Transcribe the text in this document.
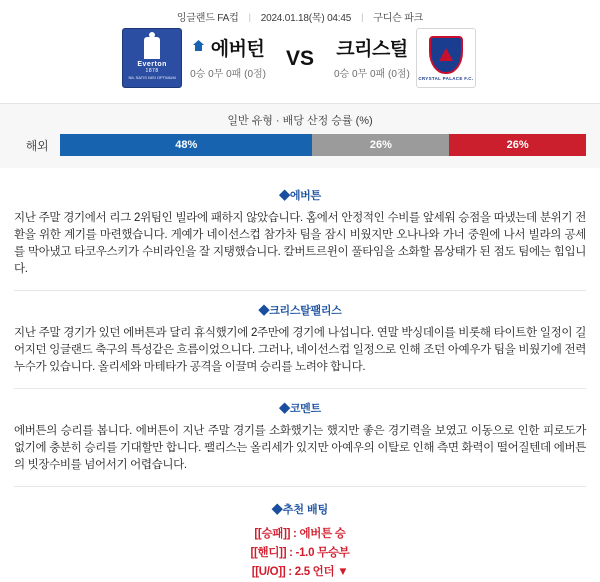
잉글랜드 FA컵 | 2024.01.18(목) 04:45 | 구디슨 파크
Everton
1878
NIL SATIS NISI OPTIMUM
에버턴
0승 0무 0패 (0점)
VS	크리스털
0승 0무 0패 (0점) CRYSTAL PALACE F.C.
일반 유형 · 배당 산정 승률 (%)
해외	48%	26%	26%
◆에버튼

지난 주말 경기에서 리그 2위팀인 빌라에 패하지 않았습니다. 홈에서 안정적인 수비를 앞세워 승점을 따냈는데 분위기 전환을 위한 계기를 마련했습니다. 게예가 네이선스컵 참가차 팀을 잠시 비웠지만 오나나와 가너 중원에 나서 빌라의 공세를 막아냈고 타코우스키가 수비라인을 잘 지탱했습니다. 칼버트르윈이 풀타임을 소화할 몸상태가 된 점도 팀에는 힘입니다.

◆크리스탈팰리스

지난 주말 경기가 있던 에버튼과 달리 휴식했기에 2주만에 경기에 나섭니다. 연말 박싱데이를 비롯해 타이트한 일정이 길어지던 잉글랜드 축구의 특성같은 흐름이었으니다. 그러나, 네이선스컵 일정으로 인해 조던 아예우가 팀을 비웠기에 전력 누수가 있습니다. 올리세와 마테타가 공격을 이끌며 승리를 노려야 합니다.

◆코멘트

에버튼의 승리를 봅니다. 에버튼이 지난 주말 경기를 소화했기는 했지만 좋은 경기력을 보였고 이동으로 인한 피로도가 없기에 충분히 승리를 기대할만 합니다. 팰리스는 올리세가 있지만 아예우의 이탈로 인해 측면 화력이 떨어질텐데 에버튼의 빗장수비를 넘어서기 어렵습니다.

◆추천 배팅
[[승패]] : 에버튼 승
[[핸디]] : -1.0 무승부
[[U/O]] : 2.5 언더 ▼
